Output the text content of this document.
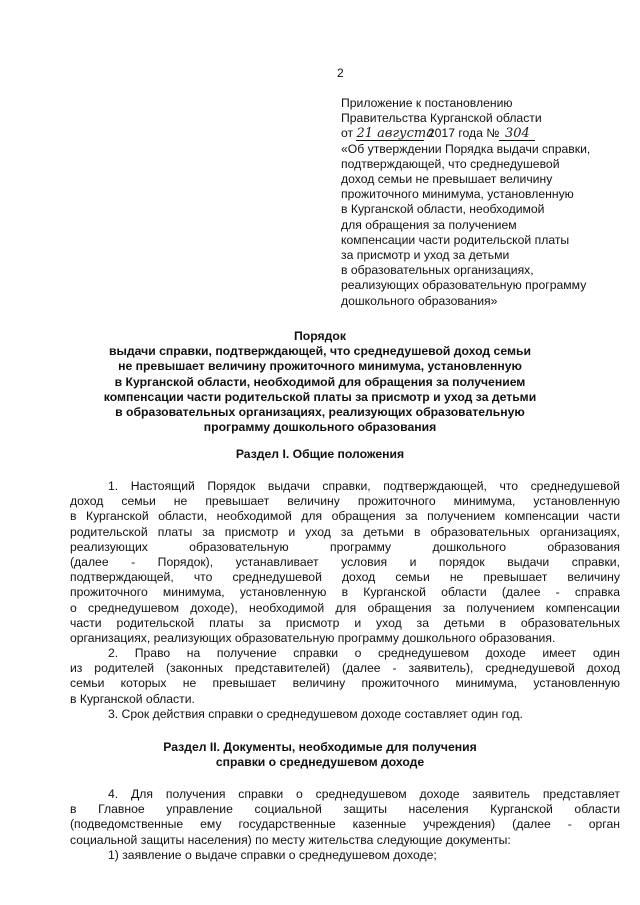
2
Приложение к постановлению
Правительства Курганской области
от 21 августа 2017 года № 304
«Об утверждении Порядка выдачи справки,
подтверждающей, что среднедушевой
доход семьи не превышает величину
прожиточного минимума, установленную
в Курганской области, необходимой
для обращения за получением
компенсации части родительской платы
за присмотр и уход за детьми
в образовательных организациях,
реализующих образовательную программу
дошкольного образования»
Порядок
выдачи справки, подтверждающей, что среднедушевой доход семьи
не превышает величину прожиточного минимума, установленную
в Курганской области, необходимой для обращения за получением
компенсации части родительской платы за присмотр и уход за детьми
в образовательных организациях, реализующих образовательную
программу дошкольного образования
Раздел I. Общие положения
1. Настоящий Порядок выдачи справки, подтверждающей, что среднедушевой
доход семьи не превышает величину прожиточного минимума, установленную
в Курганской области, необходимой для обращения за получением компенсации части
родительской платы за присмотр и уход за детьми в образовательных организациях,
реализующих образовательную программу дошкольного образования
(далее - Порядок), устанавливает условия и порядок выдачи справки,
подтверждающей, что среднедушевой доход семьи не превышает величину
прожиточного минимума, установленную в Курганской области (далее - справка
о среднедушевом доходе), необходимой для обращения за получением компенсации
части родительской платы за присмотр и уход за детьми в образовательных
организациях, реализующих образовательную программу дошкольного образования.
2. Право на получение справки о среднедушевом доходе имеет один
из родителей (законных представителей) (далее - заявитель), среднедушевой доход
семьи которых не превышает величину прожиточного минимума, установленную
в Курганской области.
3. Срок действия справки о среднедушевом доходе составляет один год.
Раздел II. Документы, необходимые для получения
справки о среднедушевом доходе
4. Для получения справки о среднедушевом доходе заявитель представляет
в Главное управление социальной защиты населения Курганской области
(подведомственные ему государственные казенные учреждения) (далее - орган
социальной защиты населения) по месту жительства следующие документы:
1) заявление о выдаче справки о среднедушевом доходе;
